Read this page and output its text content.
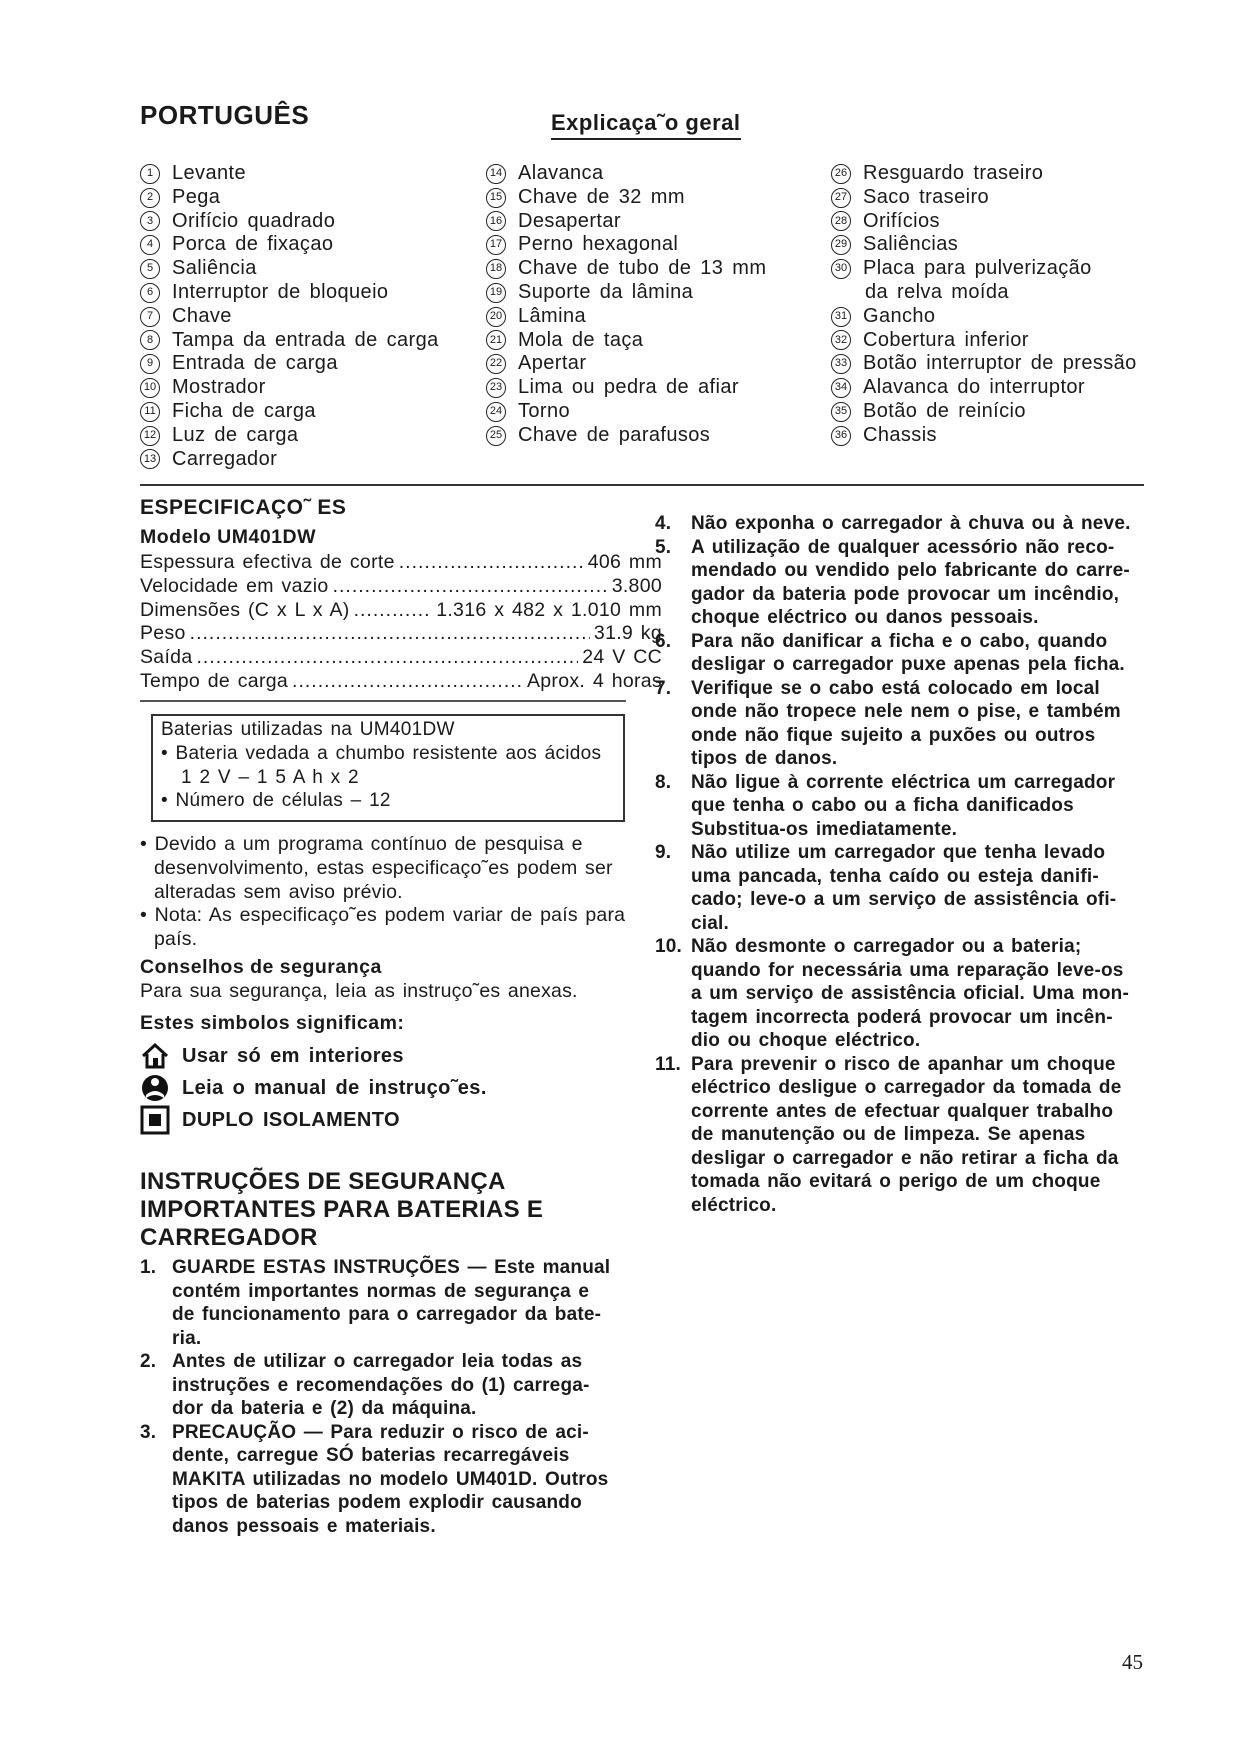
PORTUGUÊS	Explicaça˜o geral
1 Levante
2 Pega
3 Orifício quadrado
4 Porca de fixaçao
5 Saliência
6 Interruptor de bloqueio
7 Chave
8 Tampa da entrada de carga
9 Entrada de carga
10 Mostrador
11 Ficha de carga
12 Luz de carga
13 Carregador
14 Alavanca
15 Chave de 32 mm
16 Desapertar
17 Perno hexagonal
18 Chave de tubo de 13 mm
19 Suporte da lâmina
20 Lâmina
21 Mola de taça
22 Apertar
23 Lima ou pedra de afiar
24 Torno
25 Chave de parafusos
26 Resguardo traseiro
27 Saco traseiro
28 Orifícios
29 Saliências
30 Placa para pulverização
da relva moída
31 Gancho
32 Cobertura inferior
33 Botão interruptor de pressão
34 Alavanca do interruptor
35 Botão de reinício
36 Chassis
ESPECIFICAÇO˜ ES
Modelo UM401DW
Espessura efectiva de corte .....	406 mm
Velocidade em vazio .....	3.800
Dimensões (C x L x A) .....	1.316 x 482 x 1.010 mm
Peso .....	31.9 kg
Saída .....	24 V CC
Tempo de carga .....	Aprox. 4 horas
Baterias utilizadas na UM401DW
• Bateria vedada a chumbo resistente aos ácidos
1 2 V – 1 5 A h x 2
• Número de células – 12
• Devido a um programa contínuo de pesquisa e
desenvolvimento, estas especificaço˜es podem ser
alteradas sem aviso prévio.
• Nota: As especificaço˜es podem variar de país para
país.
Conselhos de segurança
Para sua segurança, leia as instruço˜es anexas.
Estes simbolos significam:
Usar só em interiores
Leia o manual de instruço˜es.
DUPLO ISOLAMENTO
INSTRUÇÕES DE SEGURANÇA
IMPORTANTES PARA BATERIAS E
CARREGADOR
1. GUARDE ESTAS INSTRUÇÕES — Este manual
contém importantes normas de segurança e
de funcionamento para o carregador da bate-
ria.
2. Antes de utilizar o carregador leia todas as
instruções e recomendações do (1) carrega-
dor da bateria e (2) da máquina.
3. PRECAUÇÃO — Para reduzir o risco de aci-
dente, carregue SÓ baterias recarregáveis
MAKITA utilizadas no modelo UM401D. Outros
tipos de baterias podem explodir causando
danos pessoais e materiais.
4.	Não exponha o carregador à chuva ou à neve.
5.	A utilização de qualquer acessório não reco-
mendado ou vendido pelo fabricante do carre-
gador da bateria pode provocar um incêndio,
choque eléctrico ou danos pessoais.
6.	Para não danificar a ficha e o cabo, quando
desligar o carregador puxe apenas pela ficha.
7.	Verifique se o cabo está colocado em local
onde não tropece nele nem o pise, e também
onde não fique sujeito a puxões ou outros
tipos de danos.
8.	Não ligue à corrente eléctrica um carregador
que tenha o cabo ou a ficha danificados
Substitua-os imediatamente.
9.	Não utilize um carregador que tenha levado
uma pancada, tenha caído ou esteja danifi-
cado; leve-o a um serviço de assistência ofi-
cial.
10. Não desmonte o carregador ou a bateria;
quando for necessária uma reparação leve-os
a um serviço de assistência oficial. Uma mon-
tagem incorrecta poderá provocar um incên-
dio ou choque eléctrico.
11. Para prevenir o risco de apanhar um choque
eléctrico desligue o carregador da tomada de
corrente antes de efectuar qualquer trabalho
de manutenção ou de limpeza. Se apenas
desligar o carregador e não retirar a ficha da
tomada não evitará o perigo de um choque
eléctrico.
45
